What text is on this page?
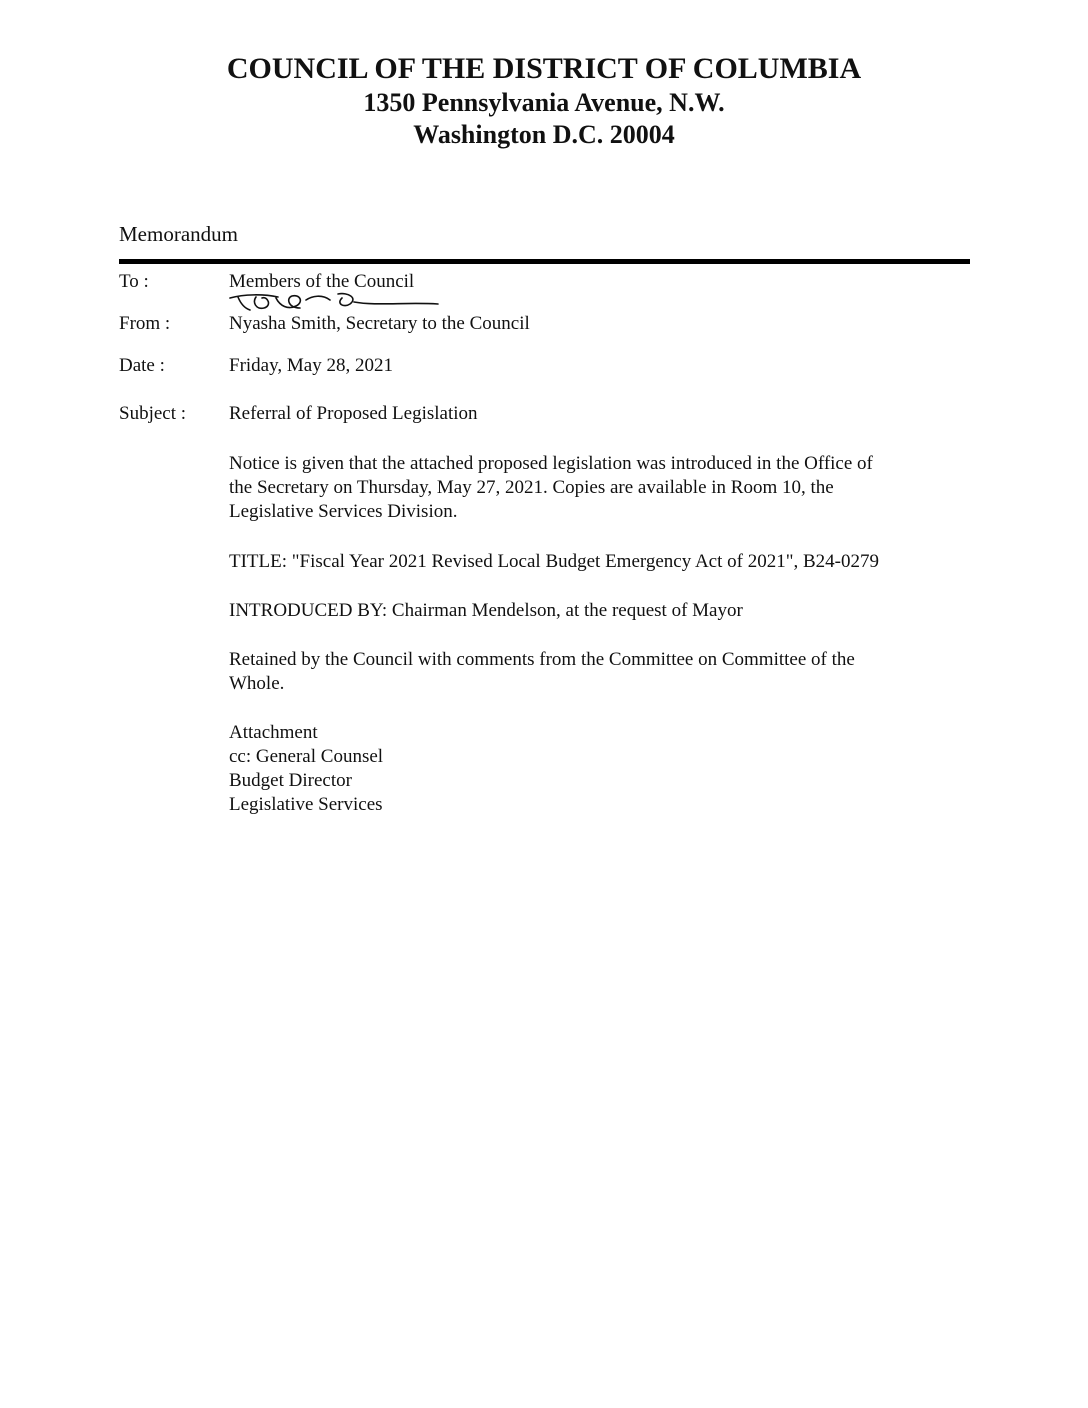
COUNCIL OF THE DISTRICT OF COLUMBIA
1350 Pennsylvania Avenue, N.W.
Washington D.C. 20004
Memorandum
To :	Members of the Council
From :	Nyasha Smith, Secretary to the Council
Date :	Friday, May 28, 2021
Subject : Referral of Proposed Legislation
Notice is given that the attached proposed legislation was introduced in the Office of
the Secretary on Thursday, May 27, 2021. Copies are available in Room 10, the
Legislative Services Division.
TITLE: "Fiscal Year 2021 Revised Local Budget Emergency Act of 2021", B24-0279
INTRODUCED BY: Chairman Mendelson, at the request of Mayor
Retained by the Council with comments from the Committee on Committee of the
Whole.
Attachment
cc: General Counsel
Budget Director
Legislative Services
